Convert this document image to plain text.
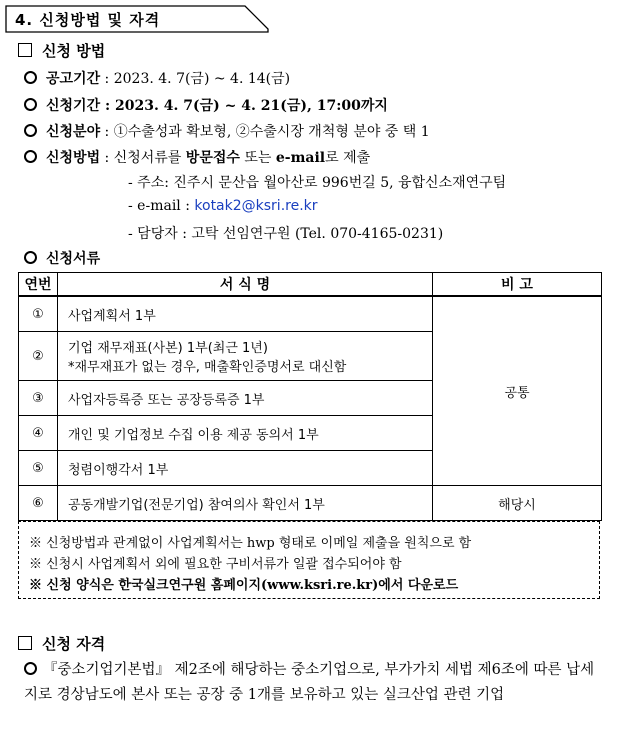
4. 신청방법 및 자격
신청 방법
공고기간 : 2023. 4. 7(금) ~ 4. 14(금)
신청기간 : 2023. 4. 7(금) ~ 4. 21(금), 17:00까지
신청분야 : ①수출성과 확보형, ②수출시장 개척형 분야 중 택 1
신청방법 : 신청서류를 방문접수 또는 e-mail로 제출
- 주소: 진주시 문산읍 월아산로 996번길 5, 융합신소재연구팀
- e-mail : kotak2@ksri.re.kr
- 담당자 : 고탁 선임연구원 (Tel. 070-4165-0231)
신청서류
연번	서 식 명	비 고
①	사업계획서 1부	공통
②	기업 재무재표(사본) 1부(최근 1년)
*재무재표가 없는 경우, 매출확인증명서로 대신함	

③	사업자등록증 또는 공장등록증 1부	
④	개인 및 기업정보 수집 이용 제공 동의서 1부	
⑤	청렴이행각서 1부	
⑥	공동개발기업(전문기업) 참여의사 확인서 1부	해당시
※ 신청방법과 관계없이 사업계획서는 hwp 형태로 이메일 제출을 원칙으로 함
※ 신청시 사업계획서 외에 필요한 구비서류가 일괄 접수되어야 함
※ 신청 양식은 한국실크연구원 홈페이지(www.ksri.re.kr)에서 다운로드
신청 자격
『중소기업기본법』 제2조에 해당하는 중소기업으로, 부가가치 세법 제6조에 따른 납세지로 경상남도에 본사 또는 공장 중 1개를 보유하고 있는 실크산업 관련 기업
